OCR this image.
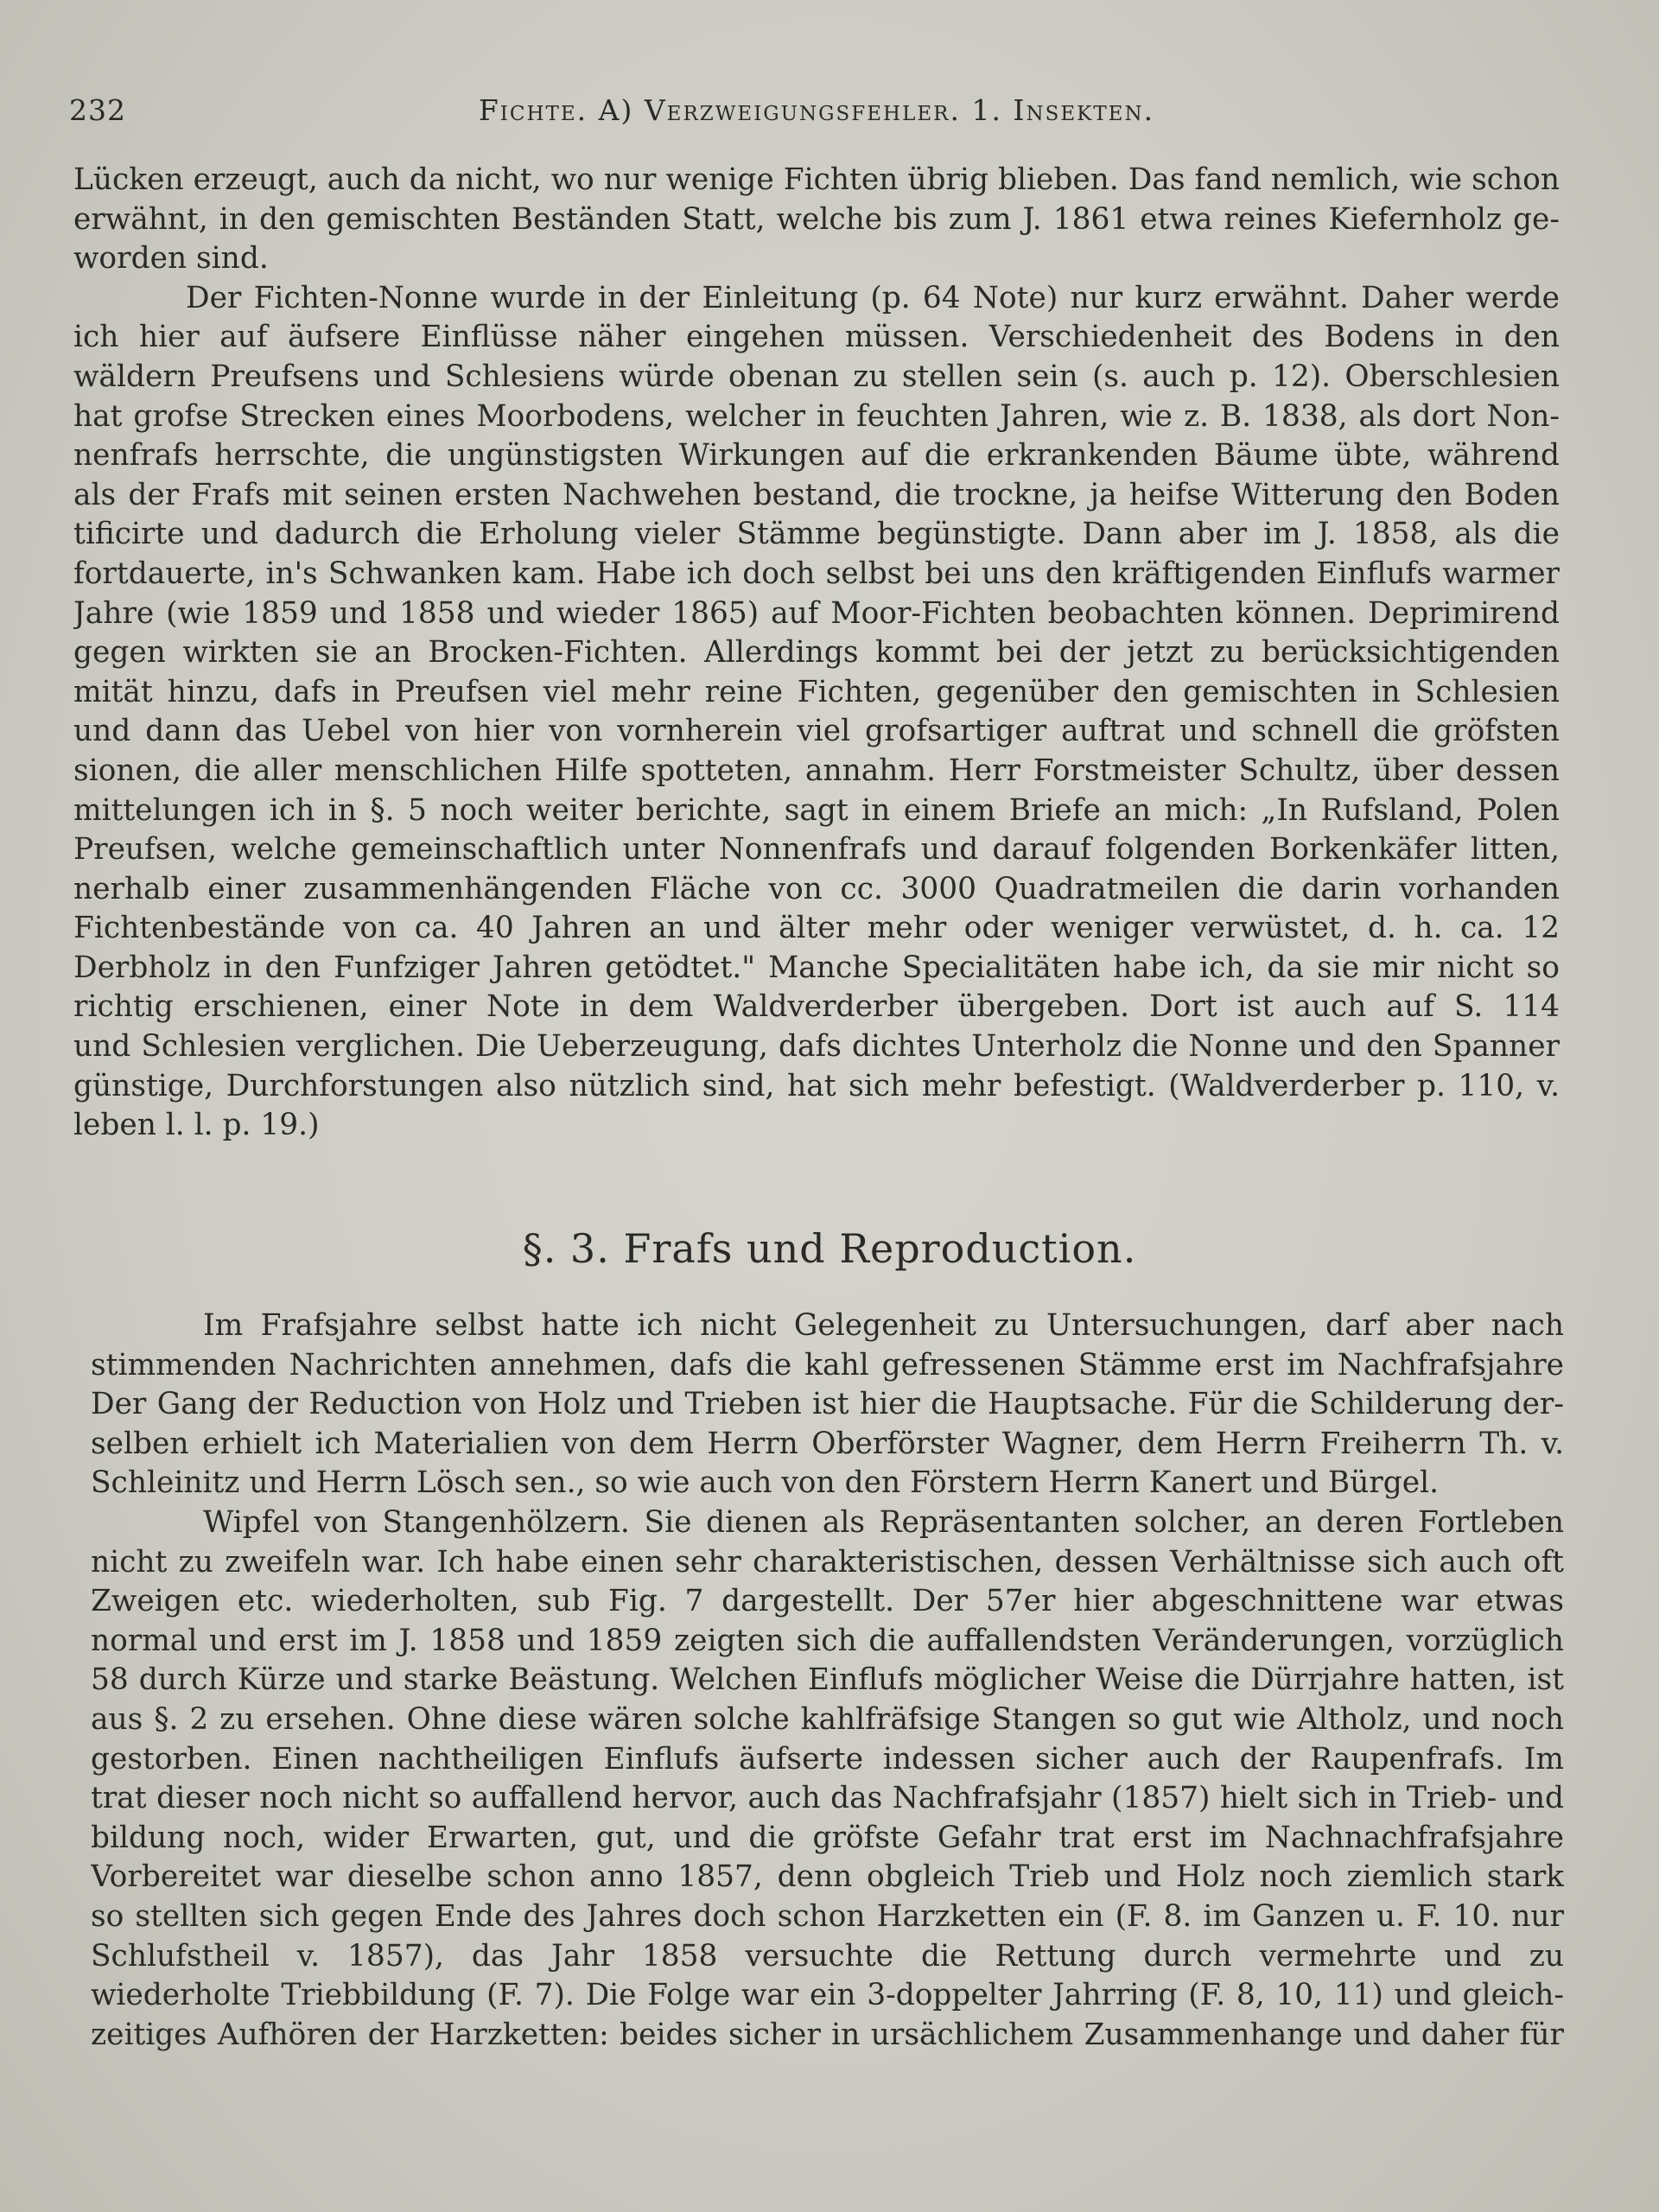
232	Fichte. A) Verzweigungsfehler. 1. Insekten.
Lücken erzeugt, auch da nicht, wo nur wenige Fichten übrig blieben. Das fand nemlich, wie schon
erwähnt, in den gemischten Beständen Statt, welche bis zum J. 1861 etwa reines Kiefernholz ge-
worden sind.
Der Fichten-Nonne wurde in der Einleitung (p. 64 Note) nur kurz erwähnt. Daher werde
ich hier auf äufsere Einflüsse näher eingehen müssen. Verschiedenheit des Bodens in den
wäldern Preufsens und Schlesiens würde obenan zu stellen sein (s. auch p. 12). Oberschlesien
hat grofse Strecken eines Moorbodens, welcher in feuchten Jahren, wie z. B. 1838, als dort Non-
nenfrafs herrschte, die ungünstigsten Wirkungen auf die erkrankenden Bäume übte, während
als der Frafs mit seinen ersten Nachwehen bestand, die trockne, ja heifse Witterung den Boden
tificirte und dadurch die Erholung vieler Stämme begünstigte. Dann aber im J. 1858, als die
fortdauerte, in's Schwanken kam. Habe ich doch selbst bei uns den kräftigenden Einflufs warmer
Jahre (wie 1859 und 1858 und wieder 1865) auf Moor-Fichten beobachten können. Deprimirend
gegen wirkten sie an Brocken-Fichten. Allerdings kommt bei der jetzt zu berücksichtigenden
mität hinzu, dafs in Preufsen viel mehr reine Fichten, gegenüber den gemischten in Schlesien
und dann das Uebel von hier von vornherein viel grofsartiger auftrat und schnell die gröfsten
sionen, die aller menschlichen Hilfe spotteten, annahm. Herr Forstmeister Schultz, über dessen
mittelungen ich in §. 5 noch weiter berichte, sagt in einem Briefe an mich: „In Rufsland, Polen
Preufsen, welche gemeinschaftlich unter Nonnenfrafs und darauf folgenden Borkenkäfer litten,
nerhalb einer zusammenhängenden Fläche von cc. 3000 Quadratmeilen die darin vorhanden
Fichtenbestände von ca. 40 Jahren an und älter mehr oder weniger verwüstet, d. h. ca. 12
Derbholz in den Funfziger Jahren getödtet." Manche Specialitäten habe ich, da sie mir nicht so
richtig erschienen, einer Note in dem Waldverderber übergeben. Dort ist auch auf S. 114
und Schlesien verglichen. Die Ueberzeugung, dafs dichtes Unterholz die Nonne und den Spanner
günstige, Durchforstungen also nützlich sind, hat sich mehr befestigt. (Waldverderber p. 110, v.
leben l. l. p. 19.)
§. 3. Frafs und Reproduction.
Im Frafsjahre selbst hatte ich nicht Gelegenheit zu Untersuchungen, darf aber nach
stimmenden Nachrichten annehmen, dafs die kahl gefressenen Stämme erst im Nachfrafsjahre
Der Gang der Reduction von Holz und Trieben ist hier die Hauptsache. Für die Schilderung der-
selben erhielt ich Materialien von dem Herrn Oberförster Wagner, dem Herrn Freiherrn Th. v.
Schleinitz und Herrn Lösch sen., so wie auch von den Förstern Herrn Kanert und Bürgel.
Wipfel von Stangenhölzern. Sie dienen als Repräsentanten solcher, an deren Fortleben
nicht zu zweifeln war. Ich habe einen sehr charakteristischen, dessen Verhältnisse sich auch oft
Zweigen etc. wiederholten, sub Fig. 7 dargestellt. Der 57er hier abgeschnittene war etwas
normal und erst im J. 1858 und 1859 zeigten sich die auffallendsten Veränderungen, vorzüglich
58 durch Kürze und starke Beästung. Welchen Einflufs möglicher Weise die Dürrjahre hatten, ist
aus §. 2 zu ersehen. Ohne diese wären solche kahlfräfsige Stangen so gut wie Altholz, und noch
gestorben. Einen nachtheiligen Einflufs äufserte indessen sicher auch der Raupenfrafs. Im
trat dieser noch nicht so auffallend hervor, auch das Nachfrafsjahr (1857) hielt sich in Trieb- und
bildung noch, wider Erwarten, gut, und die gröfste Gefahr trat erst im Nachnachfrafsjahre
Vorbereitet war dieselbe schon anno 1857, denn obgleich Trieb und Holz noch ziemlich stark
so stellten sich gegen Ende des Jahres doch schon Harzketten ein (F. 8. im Ganzen u. F. 10. nur
Schlufstheil v. 1857), das Jahr 1858 versuchte die Rettung durch vermehrte und zu
wiederholte Triebbildung (F. 7). Die Folge war ein 3-doppelter Jahrring (F. 8, 10, 11) und gleich-
zeitiges Aufhören der Harzketten: beides sicher in ursächlichem Zusammenhange und daher für
